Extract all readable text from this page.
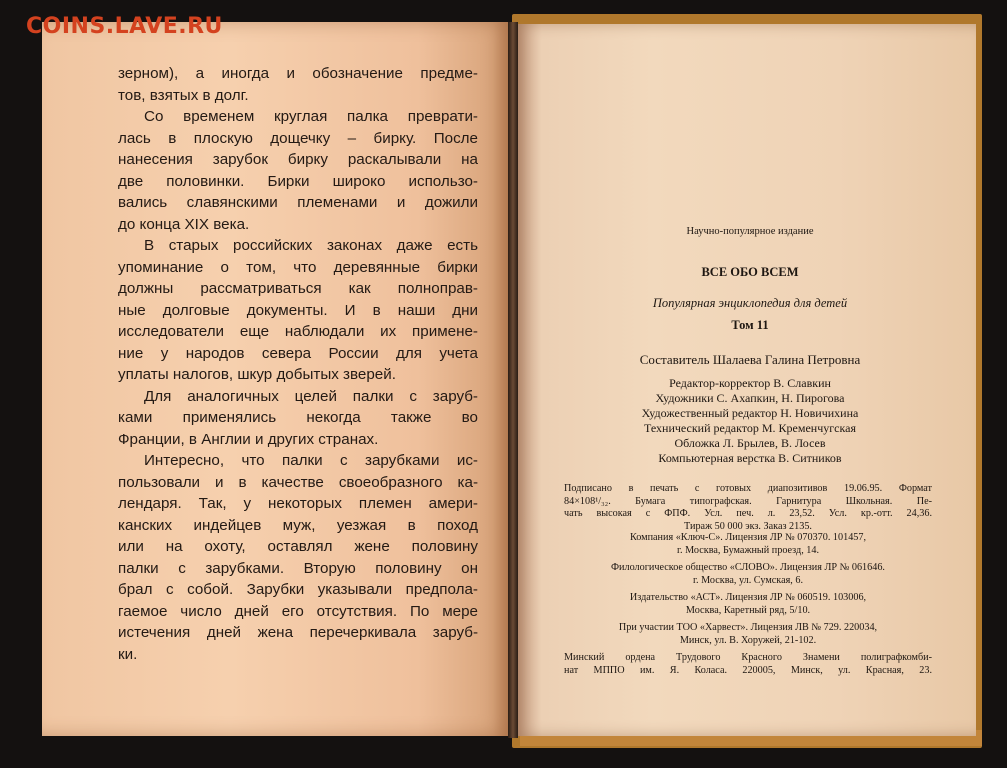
COINS.LAVE.RU
зерном), а иногда и обозначение предме-
тов, взятых в долг.
Со временем круглая палка преврати-
лась в плоскую дощечку – бирку. После
нанесения зарубок бирку раскалывали на
две половинки. Бирки широко использо-
вались славянскими племенами и дожили
до конца XIX века.
В старых российских законах даже есть
упоминание о том, что деревянные бирки
должны рассматриваться как полноправ-
ные долговые документы. И в наши дни
исследователи еще наблюдали их примене-
ние у народов севера России для учета
уплаты налогов, шкур добытых зверей.
Для аналогичных целей палки с заруб-
ками применялись некогда также во
Франции, в Англии и других странах.
Интересно, что палки с зарубками ис-
пользовали и в качестве своеобразного ка-
лендаря. Так, у некоторых племен амери-
канских индейцев муж, уезжая в поход
или на охоту, оставлял жене половину
палки с зарубками. Вторую половину он
брал с собой. Зарубки указывали предпола-
гаемое число дней его отсутствия. По мере
истечения дней жена перечеркивала заруб-
ки.
Научно-популярное издание
ВСЕ ОБО ВСЕМ
Популярная энциклопедия для детей
Том 11
Составитель Шалаева Галина Петровна
Редактор-корректор В. Славкин
Художники С. Ахапкин, Н. Пирогова
Художественный редактор Н. Новичихина
Технический редактор М. Кременчугская
Обложка Л. Брылев, В. Лосев
Компьютерная верстка В. Ситников
Подписано в печать с готовых диапозитивов 19.06.95. Формат
84×108¹/₃₂. Бумага типографская. Гарнитура Школьная. Пе-
чать высокая с ФПФ. Усл. печ. л. 23,52. Усл. кр.-отт. 24,36.
Тираж 50 000 экз. Заказ 2135.
Компания «Ключ-С». Лицензия ЛР № 070370. 101457,
г. Москва, Бумажный проезд, 14.
Филологическое общество «СЛОВО». Лицензия ЛР № 061646.
г. Москва, ул. Сумская, 6.
Издательство «АСТ». Лицензия ЛР № 060519. 103006,
Москва, Каретный ряд, 5/10.
При участии ТОО «Харвест». Лицензия ЛВ № 729. 220034,
Минск, ул. В. Хоружей, 21-102.
Минский ордена Трудового Красного Знамени полиграфкомби-
нат МППО им. Я. Коласа. 220005, Минск, ул. Красная, 23.
